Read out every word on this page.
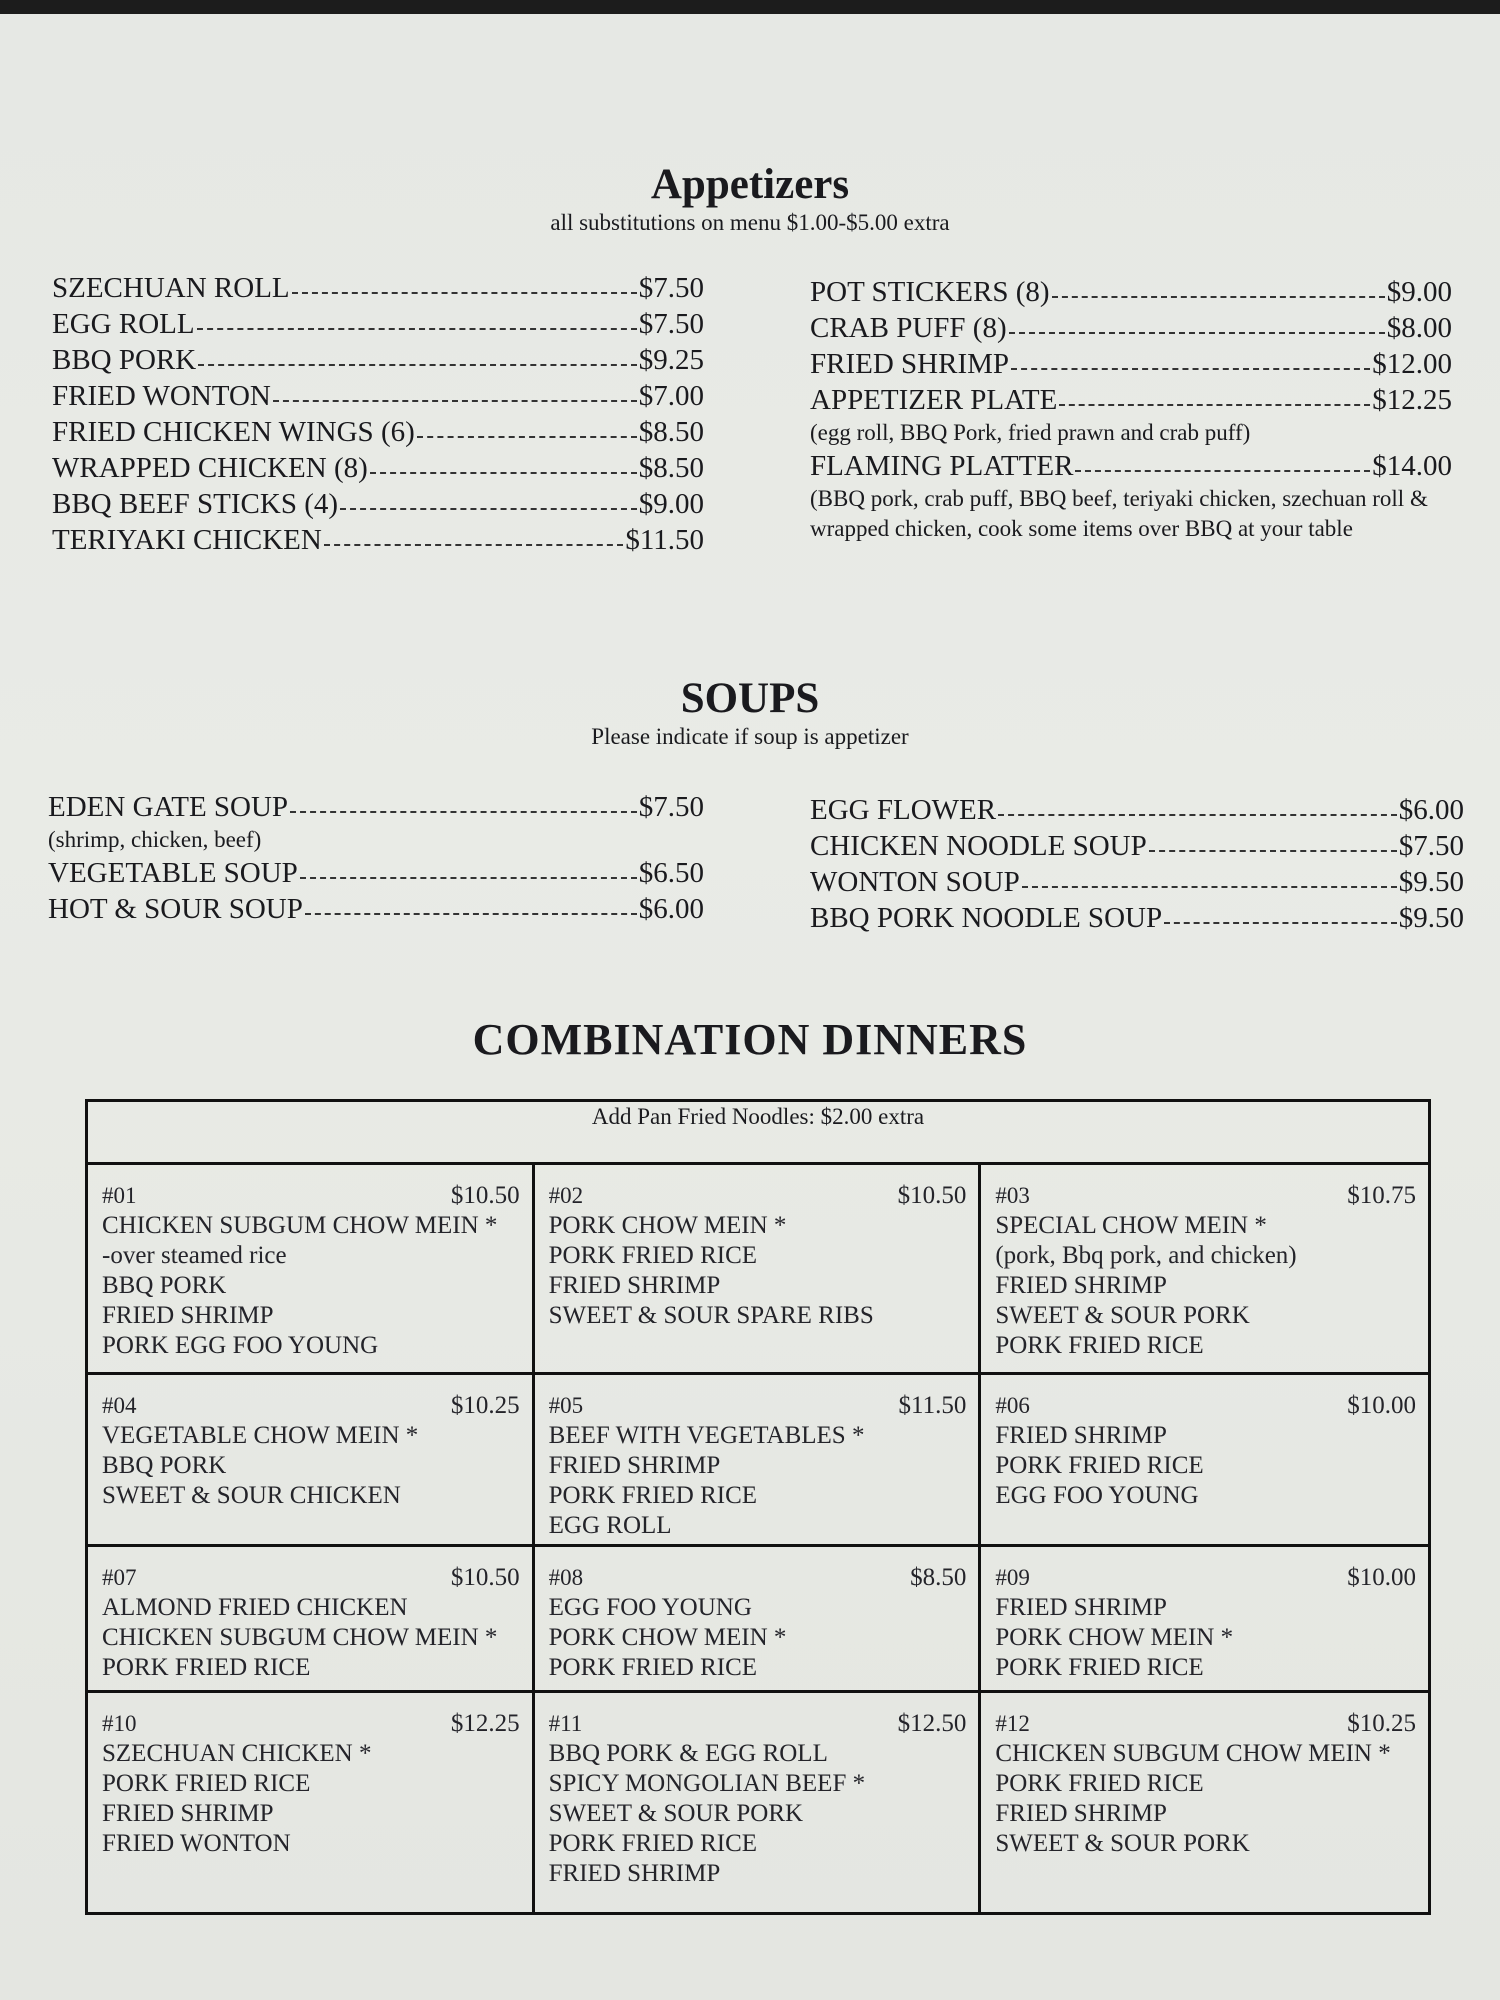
Appetizers
all substitutions on menu $1.00-$5.00 extra
SZECHUAN ROLL	$7.50
EGG ROLL	$7.50
BBQ PORK	$9.25
FRIED WONTON	$7.00
FRIED CHICKEN WINGS (6)	$8.50
WRAPPED CHICKEN (8)	$8.50
BBQ BEEF STICKS (4)	$9.00
TERIYAKI CHICKEN	$11.50
POT STICKERS (8)	$9.00
CRAB PUFF (8)	$8.00
FRIED SHRIMP	$12.00
APPETIZER PLATE	$12.25
(egg roll, BBQ Pork, fried prawn and crab puff)
FLAMING PLATTER	$14.00
(BBQ pork, crab puff, BBQ beef, teriyaki chicken, szechuan roll & wrapped chicken, cook some items over BBQ at your table
SOUPS
Please indicate if soup is appetizer
EDEN GATE SOUP	$7.50
(shrimp, chicken, beef)
VEGETABLE SOUP	$6.50
HOT & SOUR SOUP	$6.00
EGG FLOWER	$6.00
CHICKEN NOODLE SOUP	$7.50
WONTON SOUP	$9.50
BBQ PORK NOODLE SOUP	$9.50
COMBINATION DINNERS
Add Pan Fried Noodles: $2.00 extra
#01	$10.50
CHICKEN SUBGUM CHOW MEIN *
-over steamed rice
BBQ PORK
FRIED SHRIMP
PORK EGG FOO YOUNG
#02	$10.50
PORK CHOW MEIN *
PORK FRIED RICE
FRIED SHRIMP
SWEET & SOUR SPARE RIBS
#03	$10.75
SPECIAL CHOW MEIN *
(pork, Bbq pork, and chicken)
FRIED SHRIMP
SWEET & SOUR PORK
PORK FRIED RICE
#04	$10.25
VEGETABLE CHOW MEIN *
BBQ PORK
SWEET & SOUR CHICKEN
#05	$11.50
BEEF WITH VEGETABLES *
FRIED SHRIMP
PORK FRIED RICE
EGG ROLL
#06	$10.00
FRIED SHRIMP
PORK FRIED RICE
EGG FOO YOUNG
#07	$10.50
ALMOND FRIED CHICKEN
CHICKEN SUBGUM CHOW MEIN *
PORK FRIED RICE
#08	$8.50
EGG FOO YOUNG
PORK CHOW MEIN *
PORK FRIED RICE
#09	$10.00
FRIED SHRIMP
PORK CHOW MEIN *
PORK FRIED RICE
#10	$12.25
SZECHUAN CHICKEN *
PORK FRIED RICE
FRIED SHRIMP
FRIED WONTON
#11	$12.50
BBQ PORK & EGG ROLL
SPICY MONGOLIAN BEEF *
SWEET & SOUR PORK
PORK FRIED RICE
FRIED SHRIMP
#12	$10.25
CHICKEN SUBGUM CHOW MEIN *
PORK FRIED RICE
FRIED SHRIMP
SWEET & SOUR PORK
